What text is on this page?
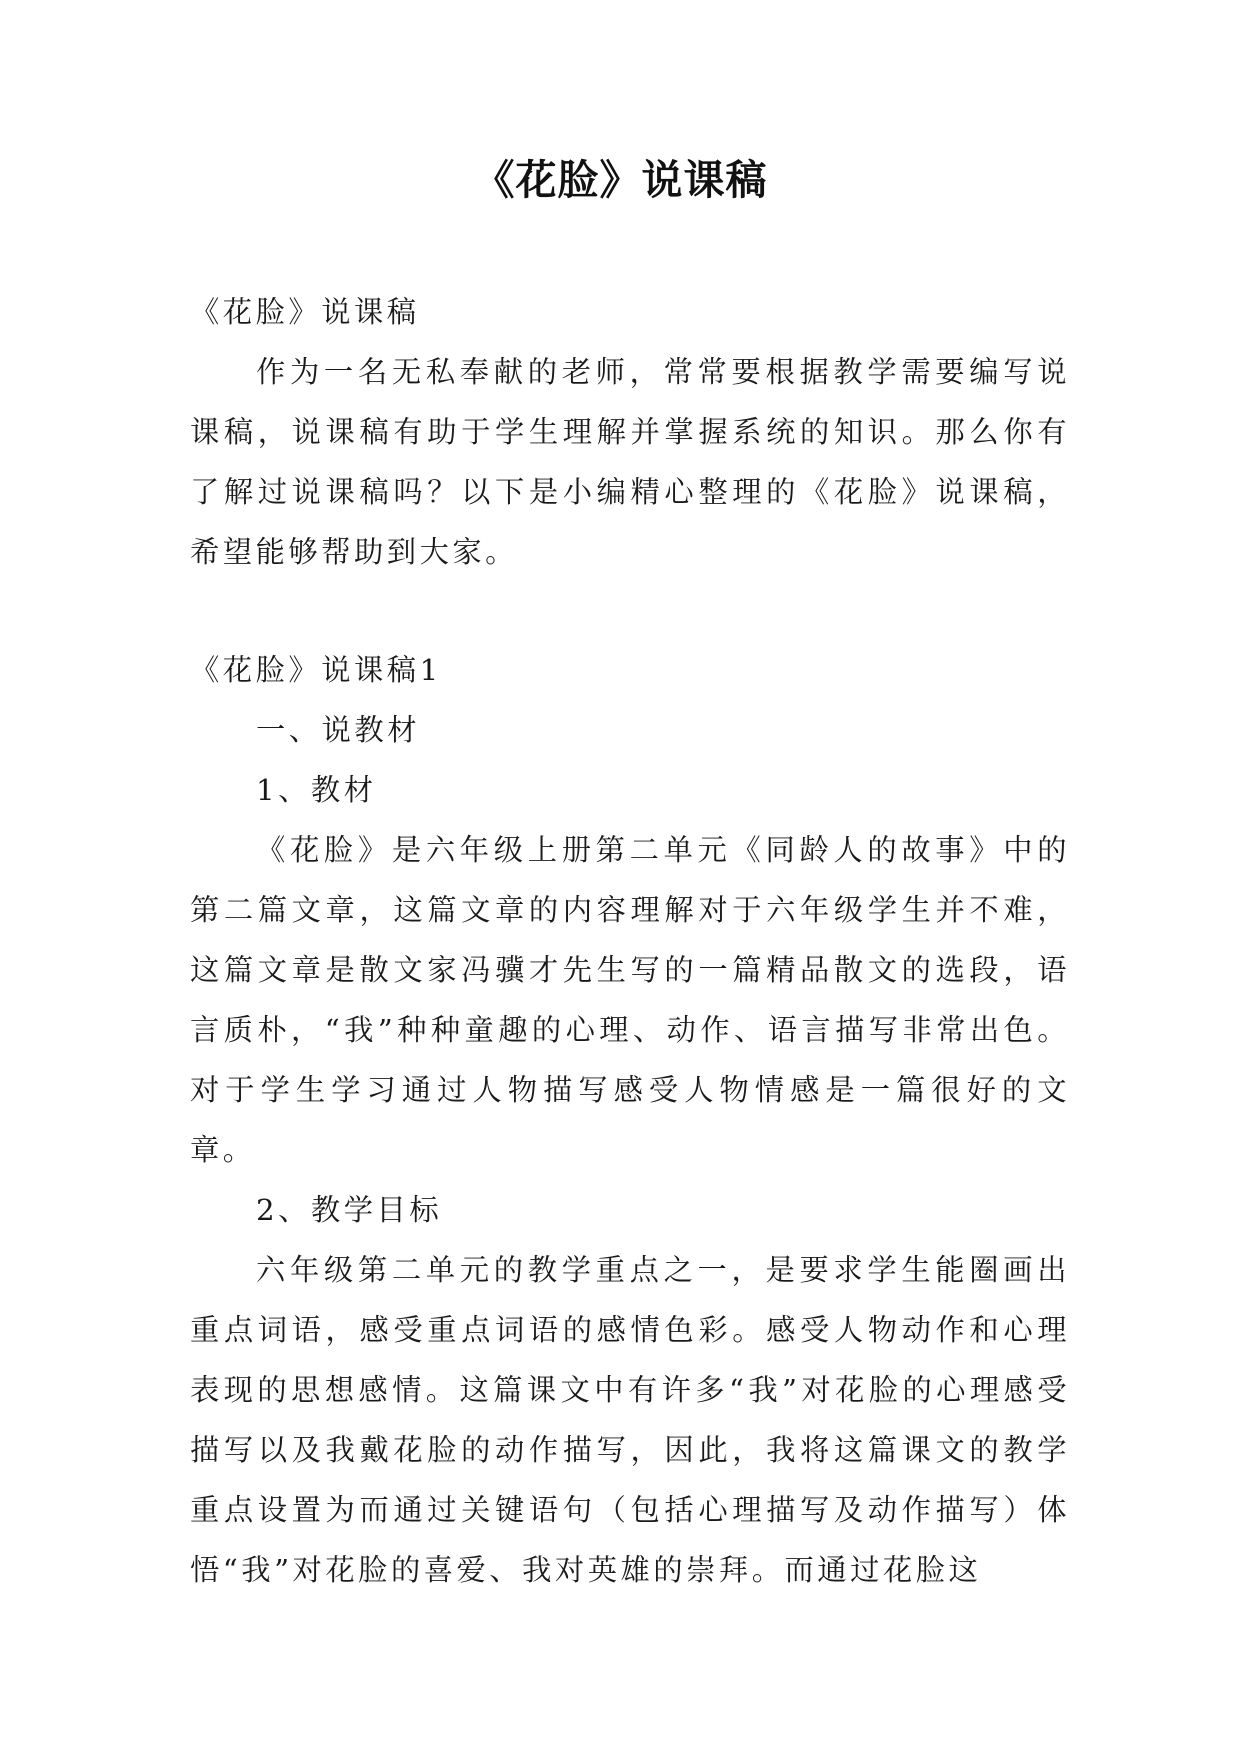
《花脸》说课稿

《花脸》说课稿

作为一名无私奉献的老师，常常要根据教学需要编写说课稿，说课稿有助于学生理解并掌握系统的知识。那么你有了解过说课稿吗？以下是小编精心整理的《花脸》说课稿，希望能够帮助到大家。

《花脸》说课稿1

一、说教材

1、教材

《花脸》是六年级上册第二单元《同龄人的故事》中的第二篇文章，这篇文章的内容理解对于六年级学生并不难，这篇文章是散文家冯骥才先生写的一篇精品散文的选段，语言质朴，“我”种种童趣的心理、动作、语言描写非常出色。对于学生学习通过人物描写感受人物情感是一篇很好的文章。

2、教学目标

六年级第二单元的教学重点之一，是要求学生能圈画出重点词语，感受重点词语的感情色彩。感受人物动作和心理表现的思想感情。这篇课文中有许多“我”对花脸的心理感受描写以及我戴花脸的动作描写，因此，我将这篇课文的教学重点设置为而通过关键语句（包括心理描写及动作描写）体悟“我”对花脸的喜爱、我对英雄的崇拜。而通过花脸这
